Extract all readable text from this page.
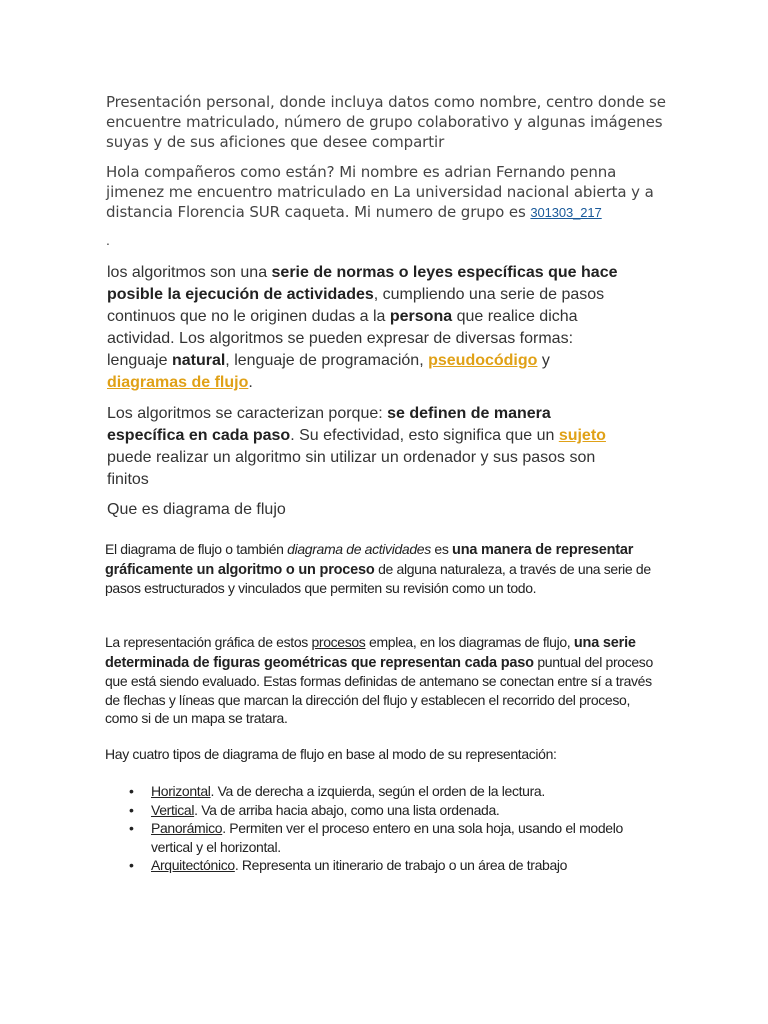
Presentación personal, donde incluya datos como nombre, centro donde se encuentre matriculado, número de grupo colaborativo y algunas imágenes suyas y de sus aficiones que desee compartir
Hola compañeros como están? Mi nombre es adrian Fernando penna jimenez me encuentro matriculado en La universidad nacional abierta y a distancia Florencia SUR caqueta. Mi numero de grupo es 301303_217
.
los algoritmos son una serie de normas o leyes específicas que hace posible la ejecución de actividades, cumpliendo una serie de pasos continuos que no le originen dudas a la persona que realice dicha actividad. Los algoritmos se pueden expresar de diversas formas: lenguaje natural, lenguaje de programación, pseudocódigo y diagramas de flujo.
Los algoritmos se caracterizan porque: se definen de manera específica en cada paso. Su efectividad, esto significa que un sujeto puede realizar un algoritmo sin utilizar un ordenador y sus pasos son finitos
Que es diagrama de flujo
El diagrama de flujo o también diagrama de actividades es una manera de representar gráficamente un algoritmo o un proceso de alguna naturaleza, a través de una serie de pasos estructurados y vinculados que permiten su revisión como un todo.
La representación gráfica de estos procesos emplea, en los diagramas de flujo, una serie determinada de figuras geométricas que representan cada paso puntual del proceso que está siendo evaluado. Estas formas definidas de antemano se conectan entre sí a través de flechas y líneas que marcan la dirección del flujo y establecen el recorrido del proceso, como si de un mapa se tratara.
Hay cuatro tipos de diagrama de flujo en base al modo de su representación:
• Horizontal. Va de derecha a izquierda, según el orden de la lectura.
• Vertical. Va de arriba hacia abajo, como una lista ordenada.
• Panorámico. Permiten ver el proceso entero en una sola hoja, usando el modelo vertical y el horizontal.
• Arquitectónico. Representa un itinerario de trabajo o un área de trabajo
